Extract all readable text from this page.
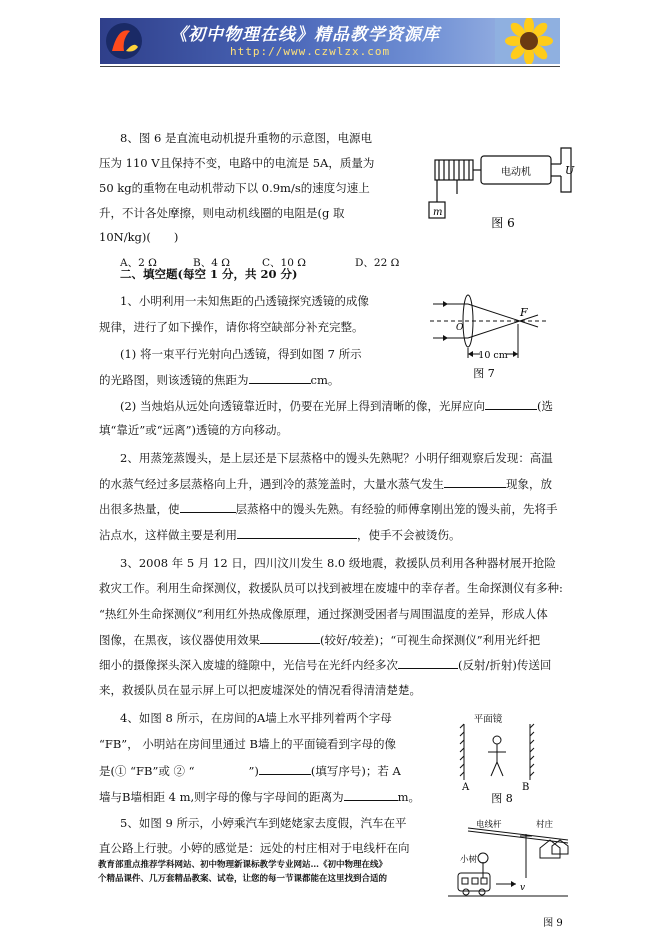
《初中物理在线》精品教学资源库
http://www.czwlzx.com
8、图 6 是直流电动机提升重物的示意图，电源电
压为 110 V且保持不变，电路中的电流是 5A，质量为
50 kg的重物在电动机带动下以 0.9m/s的速度匀速上
升，不计各处摩擦，则电动机线圈的电阻是(g 取
10N/kg)(　　)
A、2 Ω	B、4 Ω	C、10 Ω	D、22 Ω
电动机	U
m
图 6
二、填空题(每空 1 分，共 20 分)
1、小明利用一未知焦距的凸透镜探究透镜的成像
规律，进行了如下操作，请你将空缺部分补充完整。
(1) 将一束平行光射向凸透镜，得到如图 7 所示
的光路图，则该透镜的焦距为	cm。
(2) 当烛焰从远处向透镜靠近时，仍要在光屏上得到清晰的像，光屏应向	(选
填“靠近”或“远离”)透镜的方向移动。
F
O
10 cm
图 7
2、用蒸笼蒸馒头，是上层还是下层蒸格中的馒头先熟呢？小明仔细观察后发现：高温
的水蒸气经过多层蒸格向上升，遇到冷的蒸笼盖时，大量水蒸气发生	现象，放
出很多热量，使	层蒸格中的馒头先熟。有经验的师傅拿刚出笼的馒头前，先将手
沾点水，这样做主要是利用	，使手不会被烫伤。
3、2008 年 5 月 12 日，四川汶川发生 8.0 级地震，救援队员利用各种器材展开抢险
救灾工作。利用生命探测仪，救援队员可以找到被埋在废墟中的幸存者。生命探测仪有多种:
“热红外生命探测仪”利用红外热成像原理，通过探测受困者与周围温度的差异，形成人体
图像，在黑夜，该仪器使用效果	(较好/较差)；“可视生命探测仪”利用光纤把
细小的摄像探头深入废墟的缝隙中，光信号在光纤内经多次	(反射/折射)传送回
来，救援队员在显示屏上可以把废墟深处的情况看得清清楚楚。
4、如图 8 所示，在房间的A墙上水平排列着两个字母
“FB”， 小明站在房间里通过 B墙上的平面镜看到字母的像
是(① “FB”或 ② “	”)	(填写序号)；若 A
墙与B墙相距 4 m,则字母的像与字母间的距离为	m。
平面镜
A	B
图 8
5、如图 9 所示，小婷乘汽车到姥姥家去度假，汽车在平
直公路上行驶。小婷的感觉是：远处的村庄相对于电线杆在向
电线杆	村庄
小树
v
图 9
教育部重点推荐学科网站、初中物理新课标教学专业网站…《初中物理在线》
个精品课件、几万套精品教案、试卷，让您的每一节课都能在这里找到合适的
